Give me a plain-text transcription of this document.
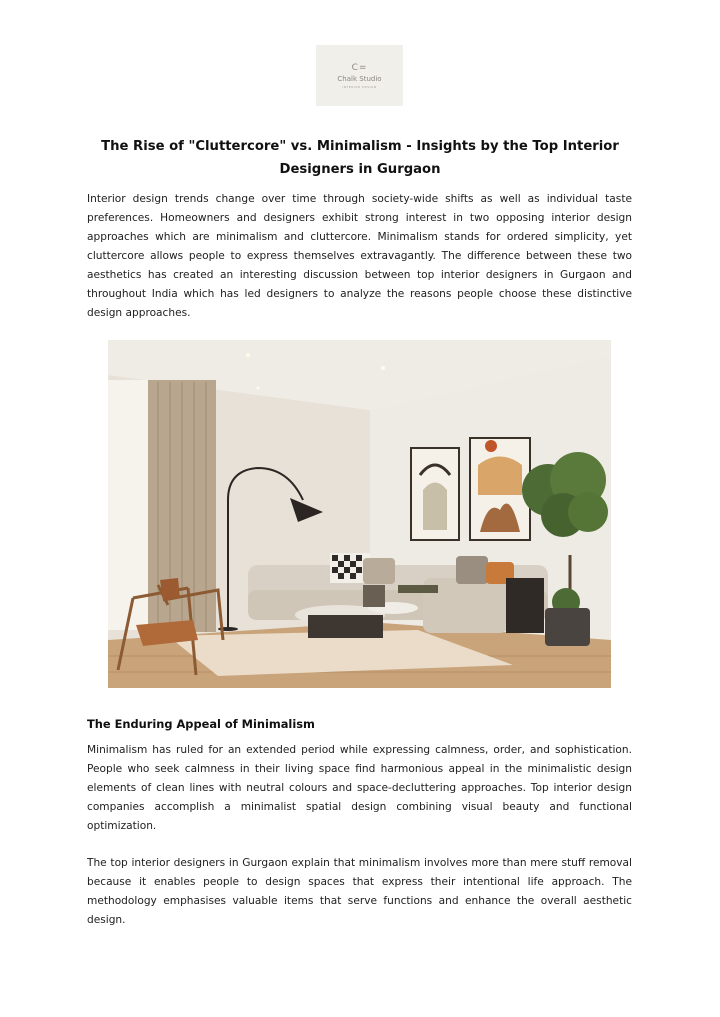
C=
Chalk Studio
INTERIOR DESIGN
The Rise of "Cluttercore" vs. Minimalism - Insights by the Top Interior Designers in Gurgaon

Interior design trends change over time through society-wide shifts as well as individual taste preferences. Homeowners and designers exhibit strong interest in two opposing interior design approaches which are minimalism and cluttercore. Minimalism stands for ordered simplicity, yet cluttercore allows people to express themselves extravagantly. The difference between these two aesthetics has created an interesting discussion between top interior designers in Gurgaon and throughout India which has led designers to analyze the reasons people choose these distinctive design approaches.

The Enduring Appeal of Minimalism

Minimalism has ruled for an extended period while expressing calmness, order, and sophistication. People who seek calmness in their living space find harmonious appeal in the minimalistic design elements of clean lines with neutral colours and space-decluttering approaches. Top interior design companies accomplish a minimalist spatial design combining visual beauty and functional optimization.

The top interior designers in Gurgaon explain that minimalism involves more than mere stuff removal because it enables people to design spaces that express their intentional life approach. The methodology emphasises valuable items that serve functions and enhance the overall aesthetic design.
